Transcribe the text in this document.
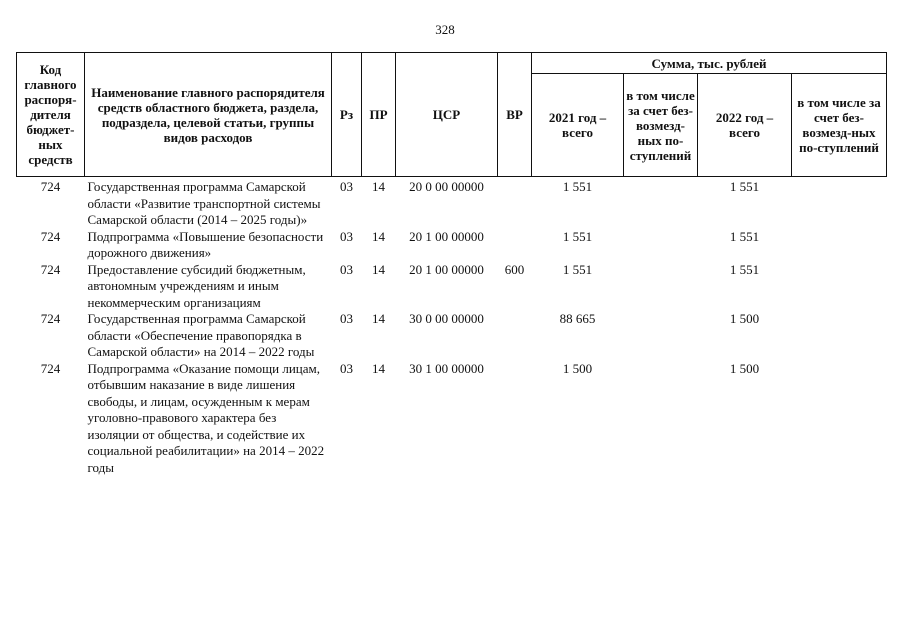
328
Код главного распоря-дителя бюджет-ных средств	Наименование главного распорядителя средств областного бюджета, раздела, подраздела, целевой статьи, группы видов расходов	Рз	ПР	ЦСР	ВР	Сумма, тыс. рублей			
						2021 год – всего	в том числе за счет без-возмезд-ных по-ступлений	2022 год – всего	в том числе за счет без-возмезд-ных по-ступлений

724	Государственная программа Самарской области «Развитие транспортной системы Самарской области (2014 – 2025 годы)»	03	14	20 0 00 00000		1 551		1 551	
724	Подпрограмма «Повышение безопасности дорожного движения»	03	14	20 1 00 00000		1 551		1 551	
724	Предоставление субсидий бюджетным, автономным учреждениям и иным некоммерческим организациям	03	14	20 1 00 00000	600	1 551		1 551	
724	Государственная программа Самарской области «Обеспечение правопорядка в Самарской области» на 2014 – 2022 годы	03	14	30 0 00 00000		88 665		1 500	
724	Подпрограмма «Оказание помощи лицам, отбывшим наказание в виде лишения свободы, и лицам, осужденным к мерам уголовно-правового характера без изоляции от общества, и содействие их социальной реабилитации» на 2014 – 2022 годы	03	14	30 1 00 00000		1 500		1 500	
